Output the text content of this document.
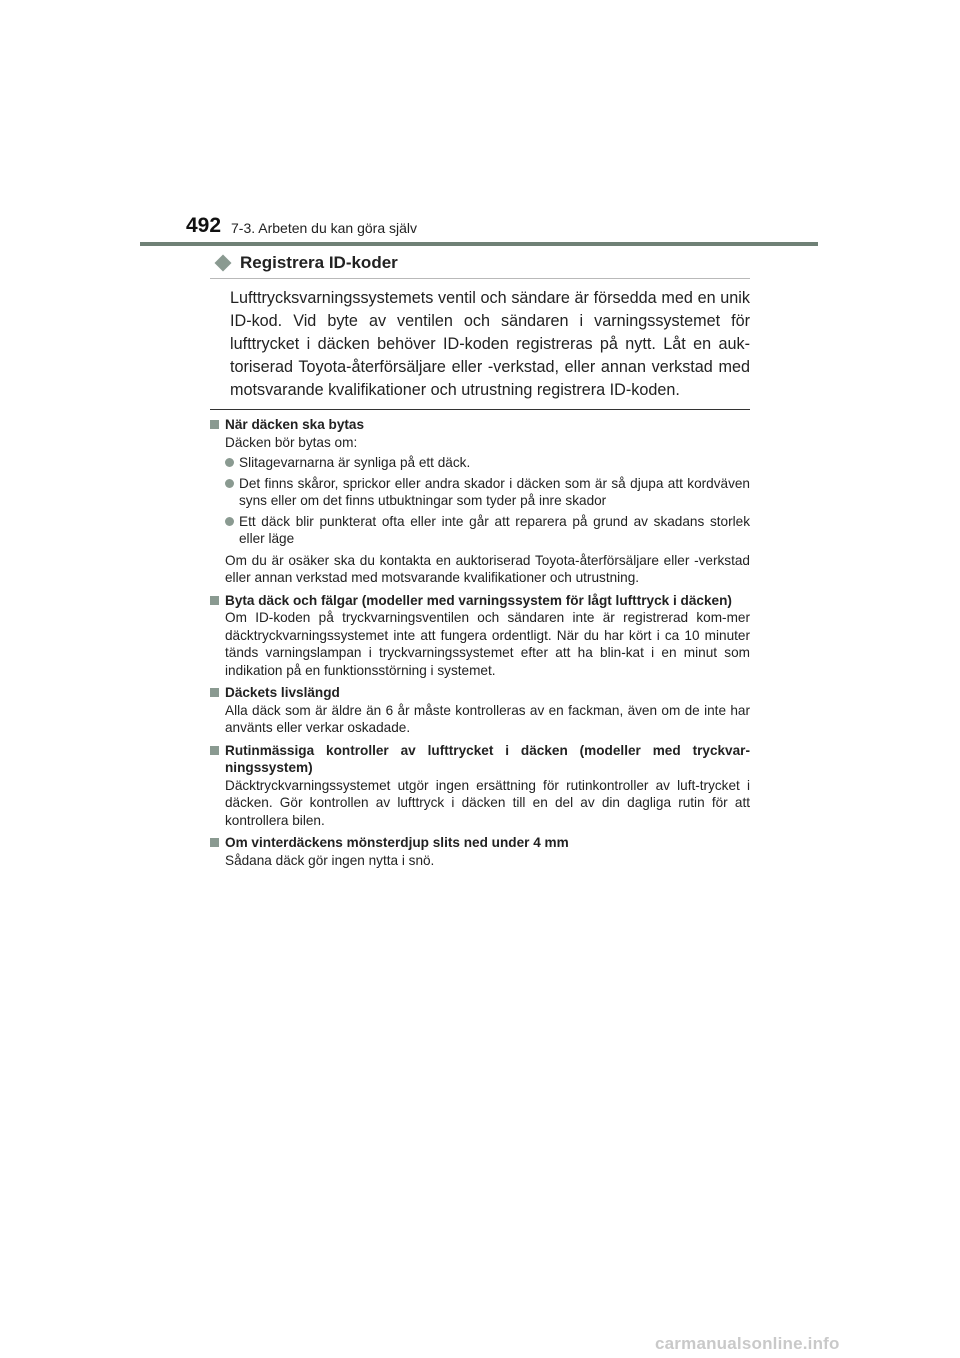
492 7-3. Arbeten du kan göra själv
Registrera ID-koder
Lufttrycksvarningssystemets ventil och sändare är försedda med en unik ID-kod. Vid byte av ventilen och sändaren i varningssystemet för lufttrycket i däcken behöver ID-koden registreras på nytt. Låt en auk-toriserad Toyota-återförsäljare eller -verkstad, eller annan verkstad med motsvarande kvalifikationer och utrustning registrera ID-koden.
När däcken ska bytas
Däcken bör bytas om:
Slitagevarnarna är synliga på ett däck.
Det finns skåror, sprickor eller andra skador i däcken som är så djupa att kordväven syns eller om det finns utbuktningar som tyder på inre skador
Ett däck blir punkterat ofta eller inte går att reparera på grund av skadans storlek eller läge
Om du är osäker ska du kontakta en auktoriserad Toyota-återförsäljare eller -verkstad eller annan verkstad med motsvarande kvalifikationer och utrustning.
Byta däck och fälgar (modeller med varningssystem för lågt lufttryck i däcken)
Om ID-koden på tryckvarningsventilen och sändaren inte är registrerad kom-mer däcktryckvarningssystemet inte att fungera ordentligt. När du har kört i ca 10 minuter tänds varningslampan i tryckvarningssystemet efter att ha blin-kat i en minut som indikation på en funktionsstörning i systemet.
Däckets livslängd
Alla däck som är äldre än 6 år måste kontrolleras av en fackman, även om de inte har använts eller verkar oskadade.
Rutinmässiga kontroller av lufttrycket i däcken (modeller med tryckvar-ningssystem)
Däcktryckvarningssystemet utgör ingen ersättning för rutinkontroller av luft-trycket i däcken. Gör kontrollen av lufttryck i däcken till en del av din dagliga rutin för att kontrollera bilen.
Om vinterdäckens mönsterdjup slits ned under 4 mm
Sådana däck gör ingen nytta i snö.
carmanualsonline.info
